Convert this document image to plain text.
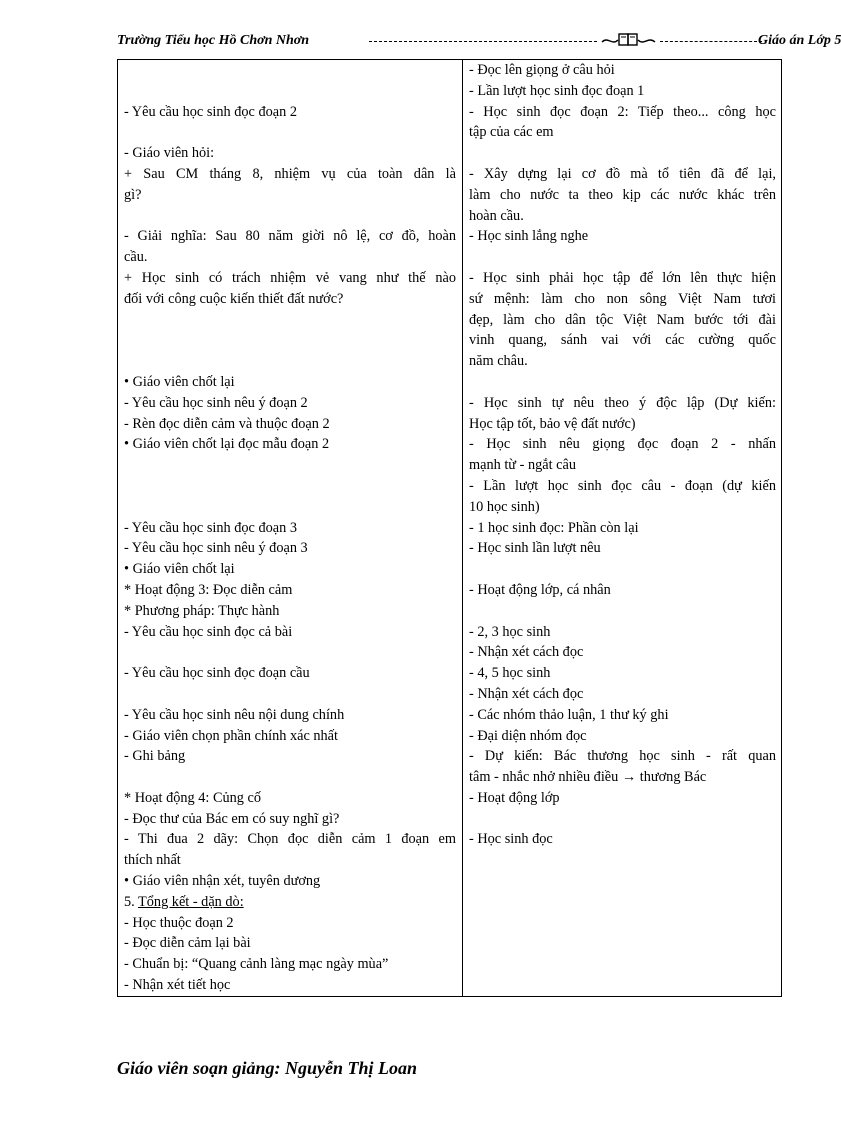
Trường Tiểu học Hồ Chơn Nhơn	Giáo án Lớp 5
- Yêu cầu học sinh đọc đoạn 2
- Giáo viên hỏi:
+ Sau CM tháng 8, nhiệm vụ của toàn dân là
gì?
- Giải nghĩa: Sau 80 năm giời nô lệ, cơ đồ, hoàn
cầu.
+ Học sinh có trách nhiệm vẻ vang như thế nào
đối với công cuộc kiến thiết đất nước?
• Giáo viên chốt lại
- Yêu cầu học sinh nêu ý đoạn 2
- Rèn đọc diễn cảm và thuộc đoạn 2
• Giáo viên chốt lại đọc mẫu đoạn 2
- Yêu cầu học sinh đọc đoạn 3
- Yêu cầu học sinh nêu ý đoạn 3
• Giáo viên chốt lại
* Hoạt động 3: Đọc diễn cảm
* Phương pháp: Thực hành
- Yêu cầu học sinh đọc cả bài
- Yêu cầu học sinh đọc đoạn cầu
- Yêu cầu học sinh nêu nội dung chính
- Giáo viên chọn phần chính xác nhất
- Ghi bảng
* Hoạt động 4: Củng cố
- Đọc thư của Bác em có suy nghĩ gì?
- Thi đua 2 dãy: Chọn đọc diễn cảm 1 đoạn em
thích nhất
• Giáo viên nhận xét, tuyên dương
5. Tổng kết - dặn dò:
- Học thuộc đoạn 2
- Đọc diễn cảm lại bài
- Chuẩn bị: “Quang cảnh làng mạc ngày mùa”
- Nhận xét tiết học
- Đọc lên giọng ở câu hỏi
- Lần lượt học sinh đọc đoạn 1
- Học sinh đọc đoạn 2: Tiếp theo... công học
tập của các em
- Xây dựng lại cơ đồ mà tổ tiên đã để lại,
làm cho nước ta theo kịp các nước khác trên
hoàn cầu.
- Học sinh lắng nghe
- Học sinh phải học tập để lớn lên thực hiện
sứ mệnh: làm cho non sông Việt Nam tươi
đẹp, làm cho dân tộc Việt Nam bước tới đài
vinh quang, sánh vai với các cường quốc
năm châu.
- Học sinh tự nêu theo ý độc lập (Dự kiến:
Học tập tốt, bảo vệ đất nước)
- Học sinh nêu giọng đọc đoạn 2 - nhấn
mạnh từ - ngắt câu
- Lần lượt học sinh đọc câu - đoạn (dự kiến
10 học sinh)
- 1 học sinh đọc: Phần còn lại
- Học sinh lần lượt nêu
- Hoạt động lớp, cá nhân
- 2, 3 học sinh
- Nhận xét cách đọc
- 4, 5 học sinh
- Nhận xét cách đọc
- Các nhóm thảo luận, 1 thư ký ghi
- Đại diện nhóm đọc
- Dự kiến: Bác thương học sinh - rất quan
tâm - nhắc nhở nhiều điều → thương Bác
- Hoạt động lớp
- Học sinh đọc
Giáo viên soạn giảng: Nguyễn Thị Loan
